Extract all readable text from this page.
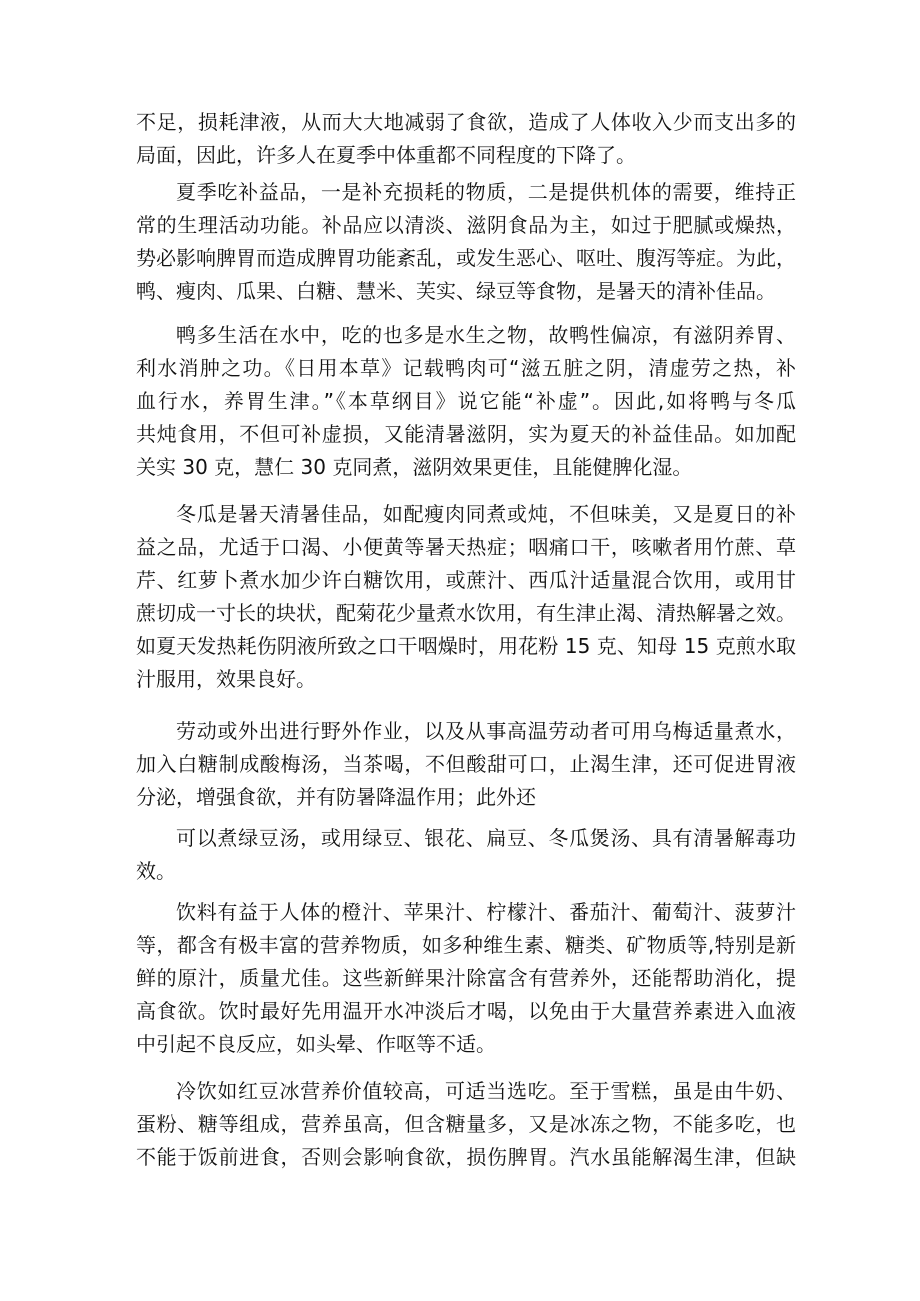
不足，损耗津液，从而大大地减弱了食欲，造成了人体收入少而支出多的
局面，因此，许多人在夏季中体重都不同程度的下降了。
夏季吃补益品，一是补充损耗的物质，二是提供机体的需要，维持正
常的生理活动功能。补品应以清淡、滋阴食品为主，如过于肥腻或燥热，
势必影响脾胃而造成脾胃功能紊乱，或发生恶心、呕吐、腹泻等症。为此，
鸭、瘦肉、瓜果、白糖、慧米、芙实、绿豆等食物，是暑天的清补佳品。
鸭多生活在水中，吃的也多是水生之物，故鸭性偏凉，有滋阴养胃、
利水消肿之功。《日用本草》记载鸭肉可“滋五脏之阴，清虚劳之热，补
血行水，养胃生津。”《本草纲目》说它能“补虚”。因此,如将鸭与冬瓜
共炖食用，不但可补虚损，又能清暑滋阴，实为夏天的补益佳品。如加配
关实 30 克，慧仁 30 克同煮，滋阴效果更佳，且能健脾化湿。
冬瓜是暑天清暑佳品，如配瘦肉同煮或炖，不但味美，又是夏日的补
益之品，尤适于口渴、小便黄等暑天热症；咽痛口干，咳嗽者用竹蔗、草
芹、红萝卜煮水加少许白糖饮用，或蔗汁、西瓜汁适量混合饮用，或用甘
蔗切成一寸长的块状，配菊花少量煮水饮用，有生津止渴、清热解暑之效。
如夏天发热耗伤阴液所致之口干咽燥时，用花粉 15 克、知母 15 克煎水取
汁服用，效果良好。
劳动或外出进行野外作业，以及从事高温劳动者可用乌梅适量煮水，
加入白糖制成酸梅汤，当茶喝，不但酸甜可口，止渴生津，还可促进胃液
分泌，增强食欲，并有防暑降温作用；此外还
可以煮绿豆汤，或用绿豆、银花、扁豆、冬瓜煲汤、具有清暑解毒功
效。
饮料有益于人体的橙汁、苹果汁、柠檬汁、番茄汁、葡萄汁、菠萝汁
等，都含有极丰富的营养物质，如多种维生素、糖类、矿物质等,特别是新
鲜的原汁，质量尤佳。这些新鲜果汁除富含有营养外，还能帮助消化，提
高食欲。饮时最好先用温开水冲淡后才喝，以免由于大量营养素进入血液
中引起不良反应，如头晕、作呕等不适。
冷饮如红豆冰营养价值较高，可适当选吃。至于雪糕，虽是由牛奶、
蛋粉、糖等组成，营养虽高，但含糖量多，又是冰冻之物，不能多吃，也
不能于饭前进食，否则会影响食欲，损伤脾胃。汽水虽能解渴生津，但缺
